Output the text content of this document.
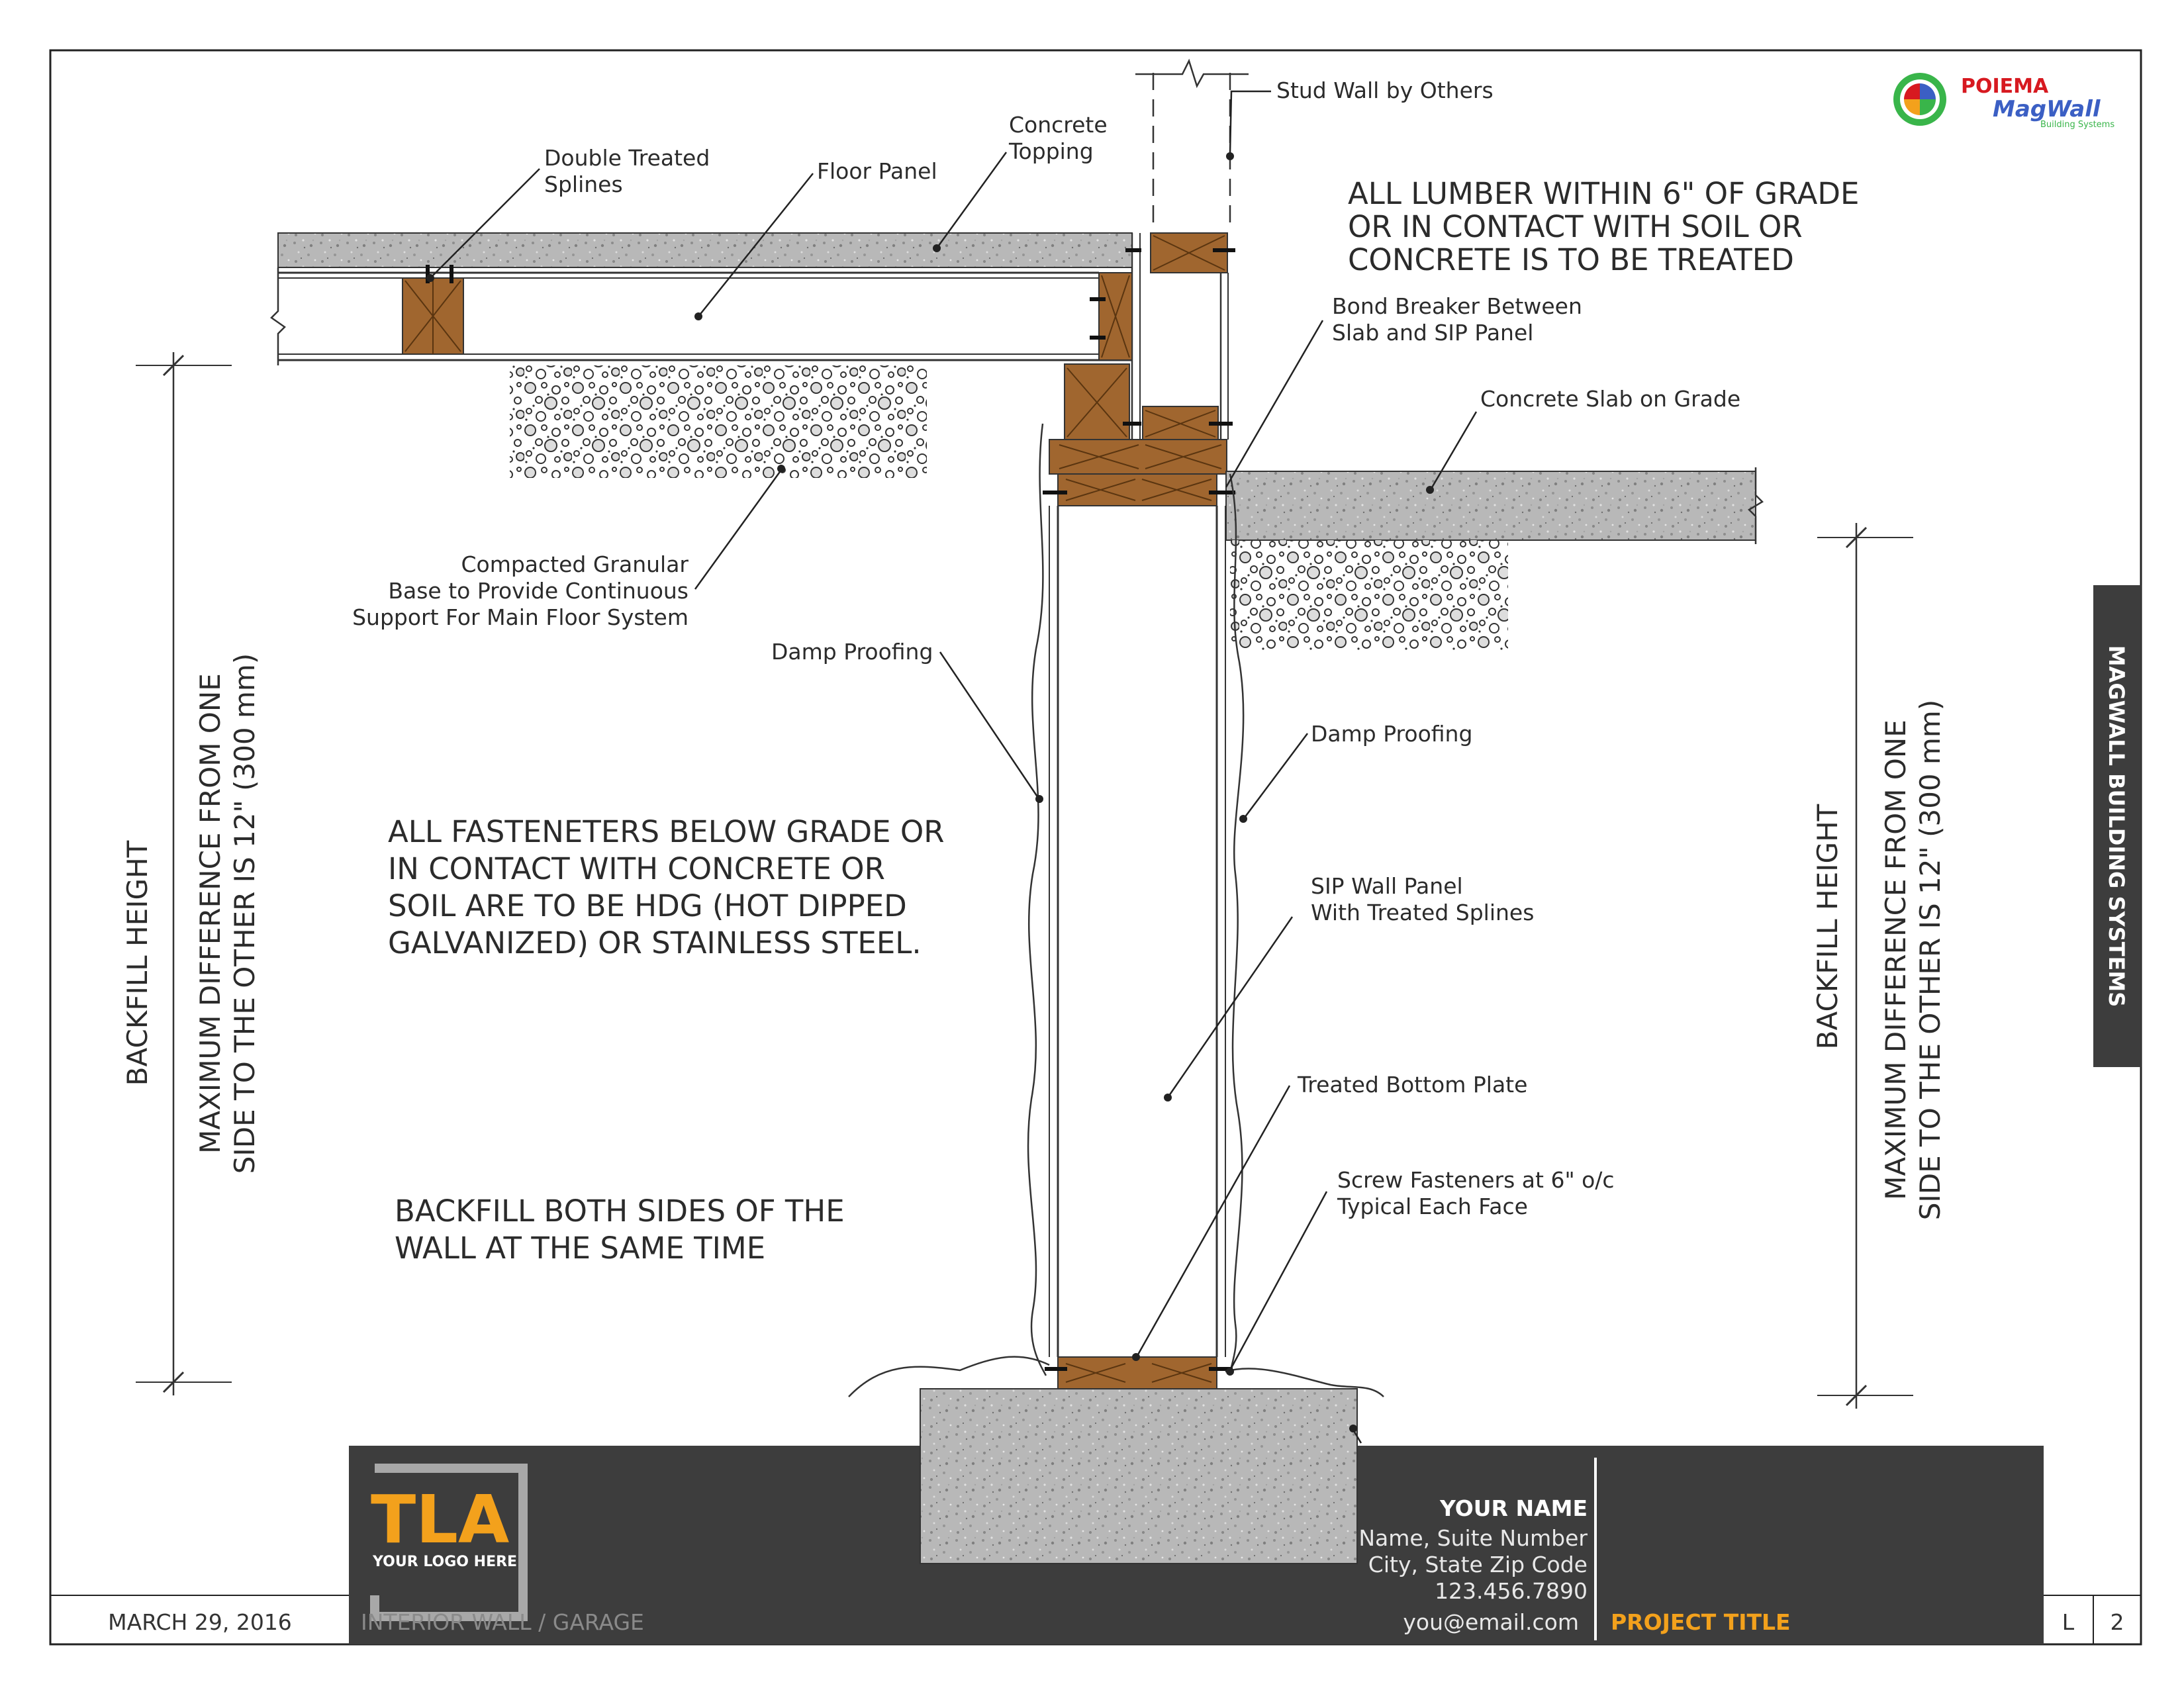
MARCH 29, 2016	L 2
TLA
YOUR LOGO HERE
INTERIOR WALL / GARAGE
YOUR NAME
Name, Suite Number
City, State Zip Code
123.456.7890
you@email.com PROJECT TITLE
BACKFILL HEIGHT MAXIMUM DIFFERENCE FROM ONE SIDE TO THE OTHER IS 12" (300 mm)	BACKFILL HEIGHT MAXIMUM DIFFERENCE FROM ONE SIDE TO THE OTHER IS 12" (300 mm)
Stud Wall by Others
Concrete
Topping
Double Treated
Splines
Floor Panel
Bond Breaker Between
Slab and SIP Panel
Concrete Slab on Grade
Compacted Granular
Base to Provide Continuous
Support For Main Floor System
Damp Proofing
Damp Proofing
SIP Wall Panel
With Treated Splines
Treated Bottom Plate
Screw Fasteners at 6" o/c
Typical Each Face
ALL LUMBER WITHIN 6" OF GRADE
OR IN CONTACT WITH SOIL OR
CONCRETE IS TO BE TREATED
ALL FASTENETERS BELOW GRADE OR
IN CONTACT WITH CONCRETE OR
SOIL ARE TO BE HDG (HOT DIPPED
GALVANIZED) OR STAINLESS STEEL.
BACKFILL BOTH SIDES OF THE
WALL AT THE SAME TIME
POIEMA
MagWall
Building Systems
MAGWALL BUILDING SYSTEMS
